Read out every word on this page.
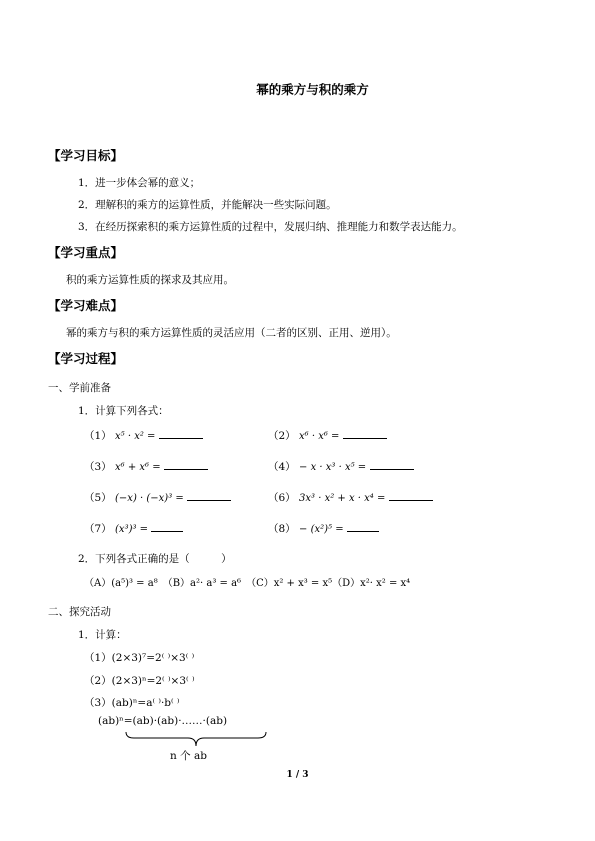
幂的乘方与积的乘方
【学习目标】
1．进一步体会幂的意义；
2．理解积的乘方的运算性质，并能解决一些实际问题。
3．在经历探索积的乘方运算性质的过程中，发展归纳、推理能力和数学表达能力。
【学习重点】
积的乘方运算性质的探求及其应用。
【学习难点】
幂的乘方与积的乘方运算性质的灵活应用（二者的区别、正用、逆用）。
【学习过程】
一、学前准备
1．计算下列各式：
（1） x⁵ · x² =	（2） x⁶ · x⁶ =
（3） x⁶ + x⁶ =	（4） − x · x³ · x⁵ =
（5） (−x) · (−x)³ =	（6） 3x³ · x² + x · x⁴ =
（7） (x³)³ =	（8） − (x²)⁵ =
2．下列各式正确的是（　　　）
（A）(a⁵)³ = a⁸　（B）a²· a³ = a⁶　（C）x² + x³ = x⁵（D）x²· x² = x⁴
二、探究活动
1．计算：
（1）(2×3)⁷=2⁽ ⁾×3⁽ ⁾
（2）(2×3)ⁿ=2⁽ ⁾×3⁽ ⁾
（3）(ab)ⁿ=a⁽ ⁾·b⁽ ⁾
(ab)ⁿ=(ab)·(ab)·……·(ab)
n 个 ab
1 / 3
